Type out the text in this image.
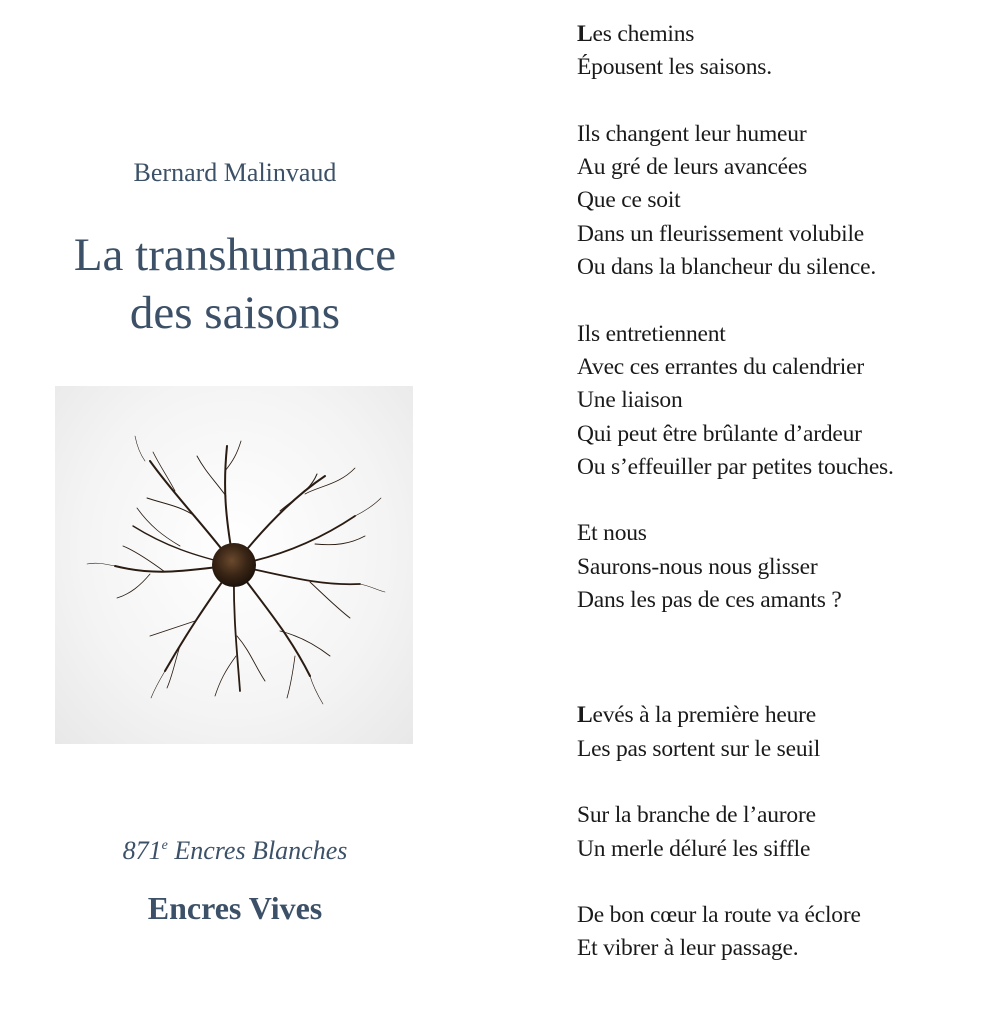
Bernard Malinvaud
La transhumance
des saisons
871e Encres Blanches
Encres Vives
Les chemins
Épousent les saisons.
Ils changent leur humeur
Au gré de leurs avancées
Que ce soit
Dans un fleurissement volubile
Ou dans la blancheur du silence.
Ils entretiennent
Avec ces errantes du calendrier
Une liaison
Qui peut être brûlante d’ardeur
Ou s’effeuiller par petites touches.
Et nous
Saurons-nous nous glisser
Dans les pas de ces amants ?
Levés à la première heure
Les pas sortent sur le seuil
Sur la branche de l’aurore
Un merle déluré les siffle
De bon cœur la route va éclore
Et vibrer à leur passage.
